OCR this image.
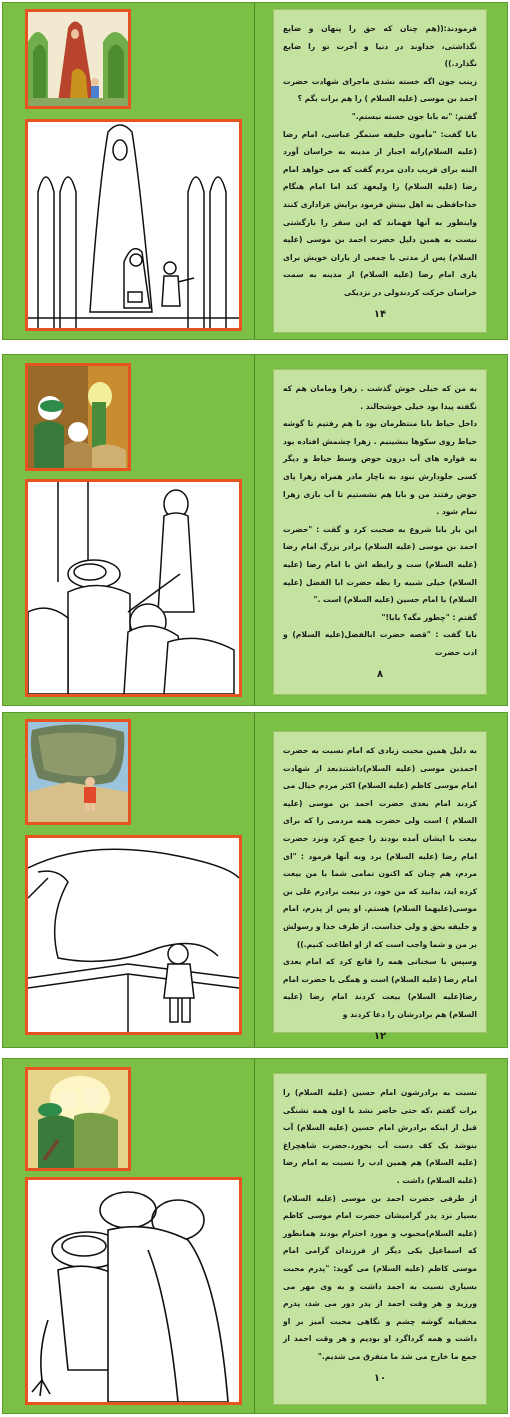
فرمودند:((هم چنان که حق را پنهان و ضایع نگذاشتی، خداوند در دنیا و آخرت تو را ضایع نگذارد.))

زینب جون اگه خسته نشدی ماجرای شهادت حضرت احمد بن موسی (علیه السلام ) را هم برات بگم ؟

گفتم: "نه بابا جون خسته نیستم."

بابا گفت: "مأمون خلیفه ستمگر عباسی، امام رضا (علیه السلام)رابه اجبار از مدینه به خراسان آورد البته برای فریب دادن مردم گفت که می خواهد امام رضا (علیه السلام) را ولیعهد کند اما امام هنگام خداحافظی به اهل بیتش فرمود برایش عزاداری کنند واینطور به آنها فهماند که این سفر را بازگشتی نیست به همین دلیل حضرت احمد بن موسی (علیه السلام) پس از مدتی با جمعی از یاران خویش برای یاری امام رضا (علیه السلام) از مدینه به سمت خراسان حرکت کردندولی در نزدیکی

۱۴

به من که خیلی خوش گذشت . زهرا ومامان هم که نگفته پیدا بود خیلی خوشحالند .

داخل حیاط بابا منتظرمان بود با هم رفتیم تا گوشه حیاط روی سکوها بنشینیم . زهرا چشمش افتاده بود به فواره های آب درون حوض وسط حیاط و دیگر کسی جلودارش نبود به ناچار مادر همراه زهرا پای حوض رفتند من و بابا هم نشستیم تا آب بازی زهرا تمام شود .

این بار بابا شروع به صحبت کرد و گفت : "حضرت احمد بن موسی (علیه السلام) برادر بزرگ امام رضا (علیه السلام) ست و رابطه اش با امام رضا (علیه السلام) خیلی شبیه را بطه حضرت ابا الفضل (علیه السلام) با امام حسین (علیه السلام) است ."

گفتم : "چطور مگه؟ بابا!"

بابا گفت : "قصه حضرت ابالفضل(علیه السلام) و ادب حضرت

۸

به دلیل همین محبت زیادی که امام نسبت به حضرت احمدبن موسی (علیه السلام)داشتندبعد از شهادت امام موسی کاظم (علیه السلام) اکثر مردم خیال می کردند امام بعدی حضرت احمد بن موسی (علیه السلام ) است ولی حضرت همه مردمی را که برای بیعت با ایشان آمده بودند را جمع کرد ونزد حضرت امام رضا (علیه السلام) برد وبه آنها فرمود : "ای مردم، هم چنان که اکنون تمامی شما با من بیعت کرده اید، بدانید که من خود، در بیعت برادرم علی بن موسی(علیهما السلام) هستم. او پس از پدرم، امام و خلیفه بحق و ولی خداست. از طرف خدا و رسولش بر من و شما واجب است که از او اطاعت کنیم.))

وسپس با سخنانی همه را قانع کرد که امام بعدی امام رضا (علیه السلام) است و همگی با حضرت امام رضا(علیه السلام) بیعت کردند امام رضا (علیه السلام) هم برادرشان را دعا کردند و

۱۲

نسبت به برادرشون امام حسین (علیه السلام) را برات گفتم ،که حتی حاضر نشد با اون همه تشنگی قبل از اینکه برادرش امام حسین (علیه السلام) آب بنوشد یک کف دست آب بخورد.حضرت شاهچراغ (علیه السلام) هم همین ادب را نسبت به امام رضا (علیه السلام) داشت .

از طرفی حضرت احمد بن موسی (علیه السلام) بسیار نزد پدر گرامیشان حضرت امام موسی کاظم (علیه السلام)محبوب و مورد احترام بودند همانطور که اسماعیل یکی دیگر از فرزندان گرامی امام موسی کاظم (علیه السلام) می گوید: "پدرم محبت بسیاری نسبت به احمد داشت و به وی مهر می ورزید و هر وقت احمد از پدر دور می شد، پدرم مخفیانه گوشه چشم و نگاهی محبت آمیز بر او داشت و همه گرداگرد او بودیم و هر وقت احمد از جمع ما خارج می شد ما متفرق می شدیم."

۱۰
